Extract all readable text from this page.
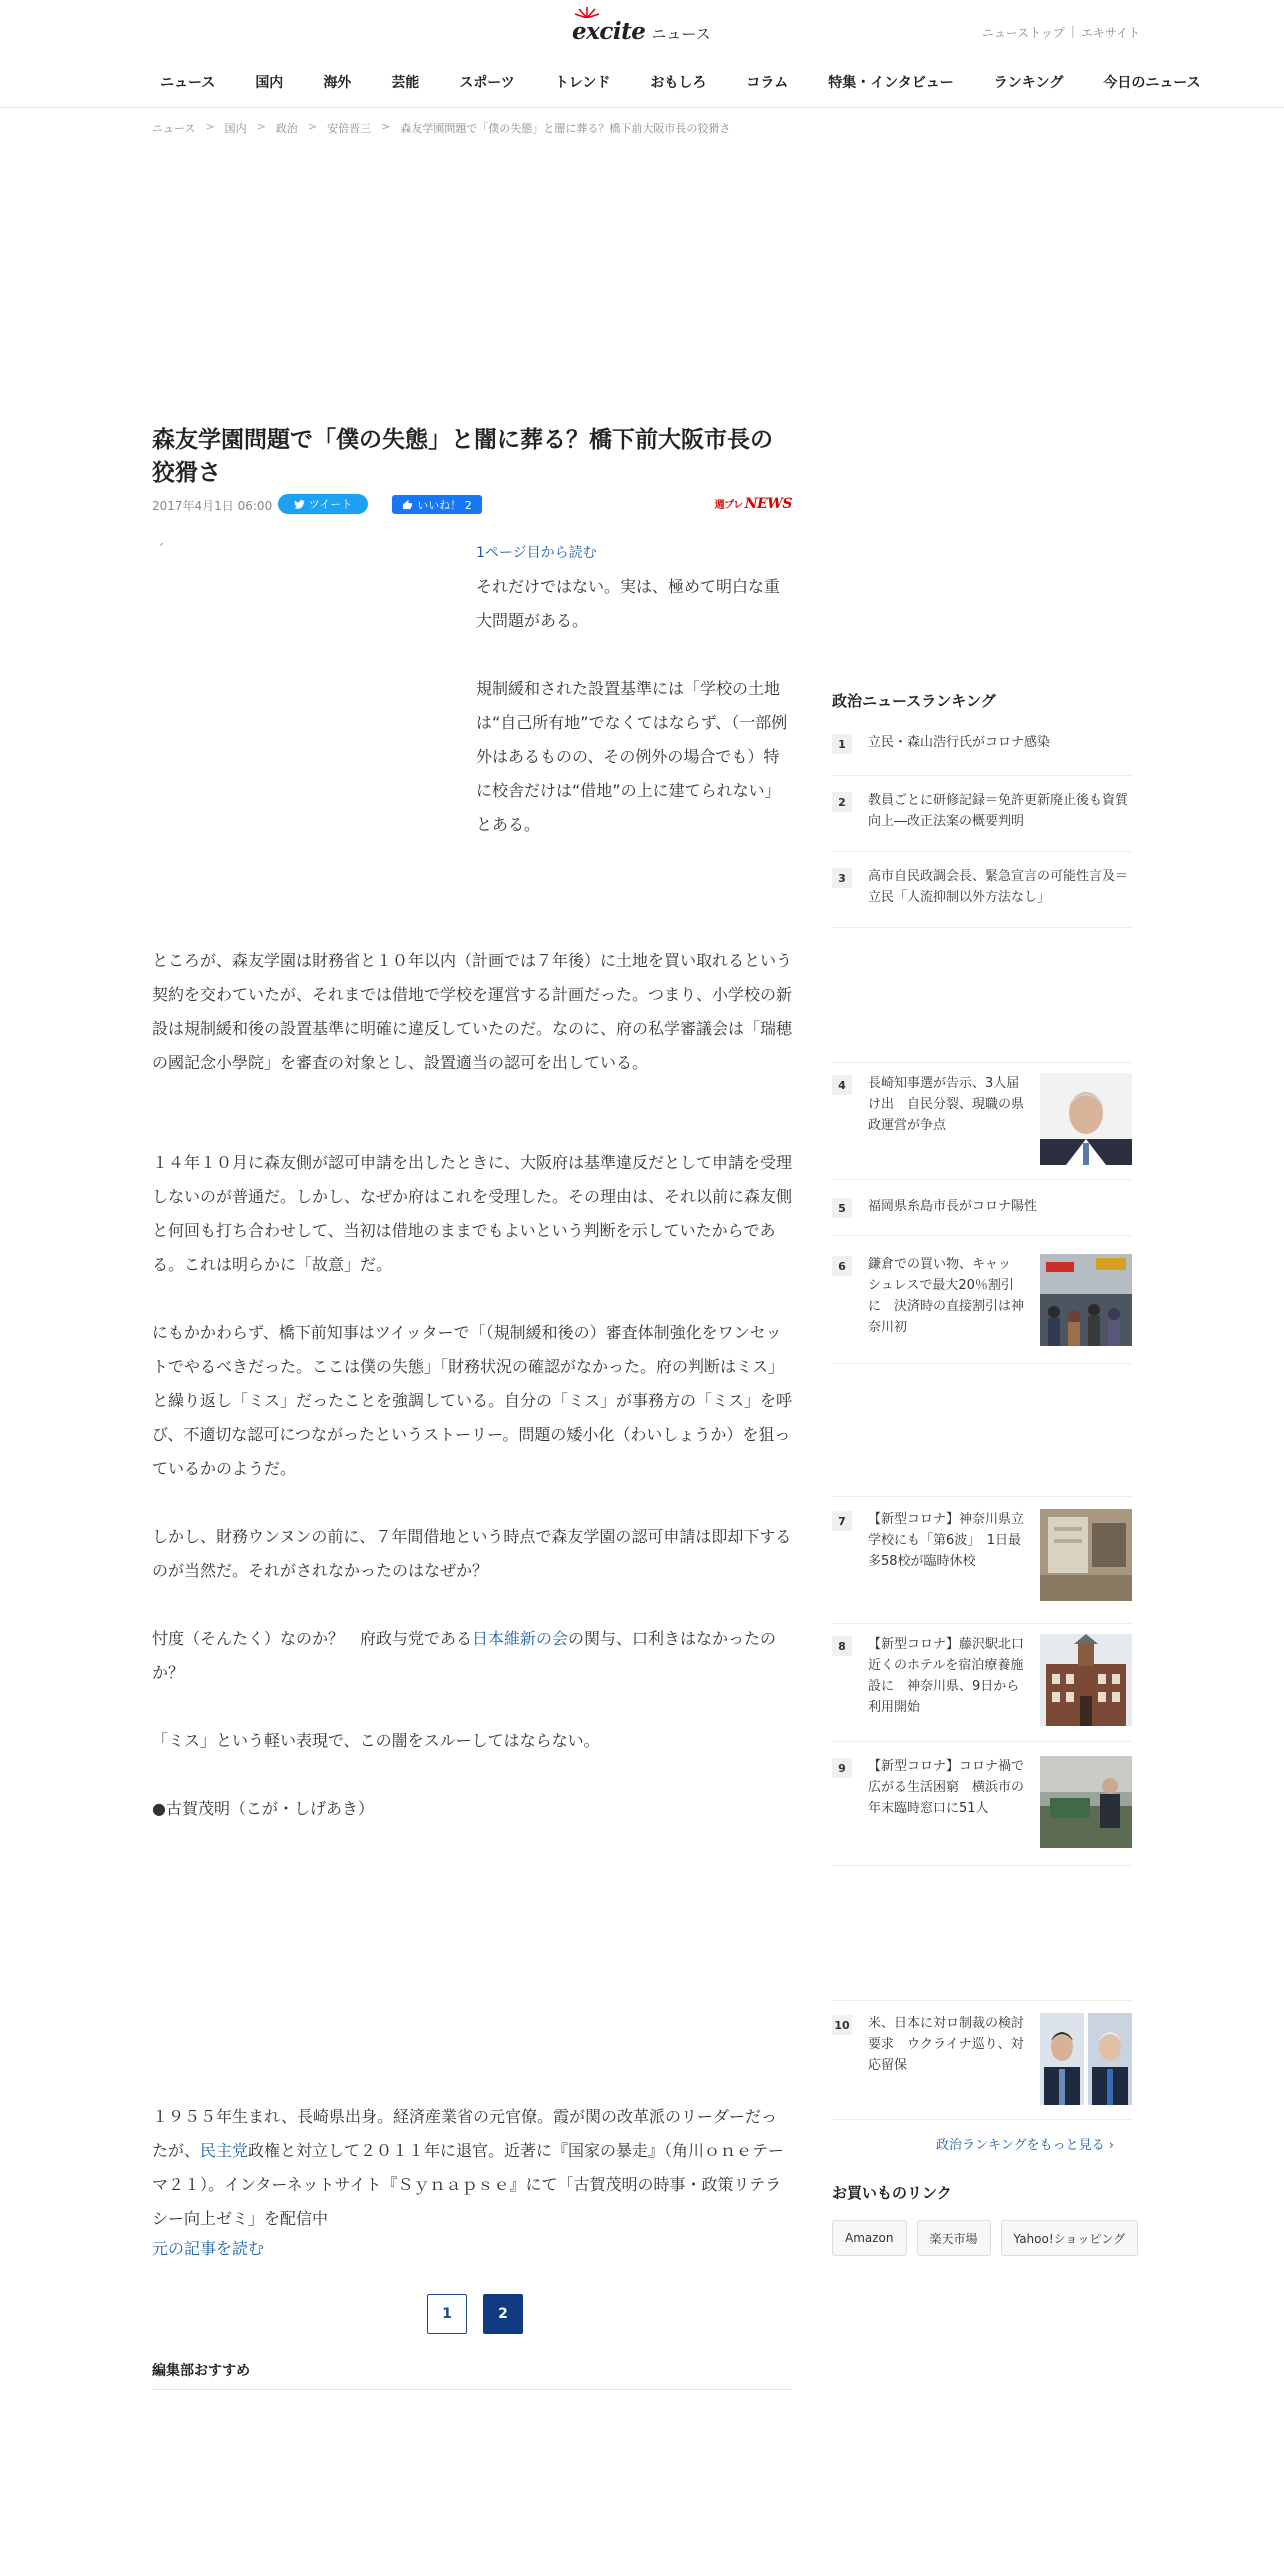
excite ニュース	ニューストップ | エキサイト
ニュース	国内	海外	芸能	スポーツ	トレンド	おもしろ	コラム	特集・インタビュー	ランキング	今日のニュース
ニュース > 国内 > 政治 > 安倍晋三 > 森友学園問題で「僕の失態」と闇に葬る？橋下前大阪市長の狡猾さ
森友学園問題で「僕の失態」と闇に葬る？橋下前大阪市長の狡猾さ
2017年4月1日 06:00	ツイート	いいね！ 2	週プレ NEWS
´	1ページ目から読む

それだけではない。実は、極めて明白な重大問題がある。

規制緩和された設置基準には「学校の土地は“自己所有地”でなくてはならず、（一部例外はあるものの、その例外の場合でも）特に校舎だけは“借地”の上に建てられない」とある。

ところが、森友学園は財務省と１０年以内（計画では７年後）に土地を買い取れるという契約を交わていたが、それまでは借地で学校を運営する計画だった。つまり、小学校の新設は規制緩和後の設置基準に明確に違反していたのだ。なのに、府の私学審議会は「瑞穂の國記念小學院」を審査の対象とし、設置適当の認可を出している。

１４年１０月に森友側が認可申請を出したときに、大阪府は基準違反だとして申請を受理しないのが普通だ。しかし、なぜか府はこれを受理した。その理由は、それ以前に森友側と何回も打ち合わせして、当初は借地のままでもよいという判断を示していたからである。これは明らかに「故意」だ。

にもかかわらず、橋下前知事はツイッターで「（規制緩和後の）審査体制強化をワンセットでやるべきだった。ここは僕の失態」「財務状況の確認がなかった。府の判断はミス」と繰り返し「ミス」だったことを強調している。自分の「ミス」が事務方の「ミス」を呼び、不適切な認可につながったというストーリー。問題の矮小化（わいしょうか）を狙っているかのようだ。

しかし、財務ウンヌンの前に、７年間借地という時点で森友学園の認可申請は即却下するのが当然だ。それがされなかったのはなぜか？

忖度（そんたく）なのか？　府政与党である日本維新の会の関与、口利きはなかったのか？

「ミス」という軽い表現で、この闇をスルーしてはならない。

●古賀茂明（こが・しげあき）

１９５５年生まれ、長崎県出身。経済産業省の元官僚。霞が関の改革派のリーダーだったが、民主党政権と対立して２０１１年に退官。近著に『国家の暴走』（角川ｏｎｅテーマ２１）。インターネットサイト『Ｓｙｎａｐｓｅ』にて「古賀茂明の時事・政策リテラシー向上ゼミ」を配信中

元の記事を読む
1	2
編集部おすすめ
政治ニュースランキング
1	立民・森山浩行氏がコロナ感染
2	教員ごとに研修記録＝免許更新廃止後も資質向上―改正法案の概要判明
3	高市自民政調会長、緊急宣言の可能性言及＝立民「人流抑制以外方法なし」
4	長崎知事選が告示、3人届け出　自民分裂、現職の県政運営が争点
5	福岡県糸島市長がコロナ陽性
6	鎌倉での買い物、キャッシュレスで最大20％割引に　決済時の直接割引は神奈川初
7	【新型コロナ】神奈川県立学校にも「第6波」　1日最多58校が臨時休校
8	【新型コロナ】藤沢駅北口近くのホテルを宿泊療養施設に　神奈川県、9日から利用開始
9	【新型コロナ】コロナ禍で広がる生活困窮　横浜市の年末臨時窓口に51人
10 米、日本に対ロ制裁の検討要求　ウクライナ巡り、対応留保
政治ランキングをもっと見る ›
お買いものリンク
Amazon	楽天市場	Yahoo!ショッピング
